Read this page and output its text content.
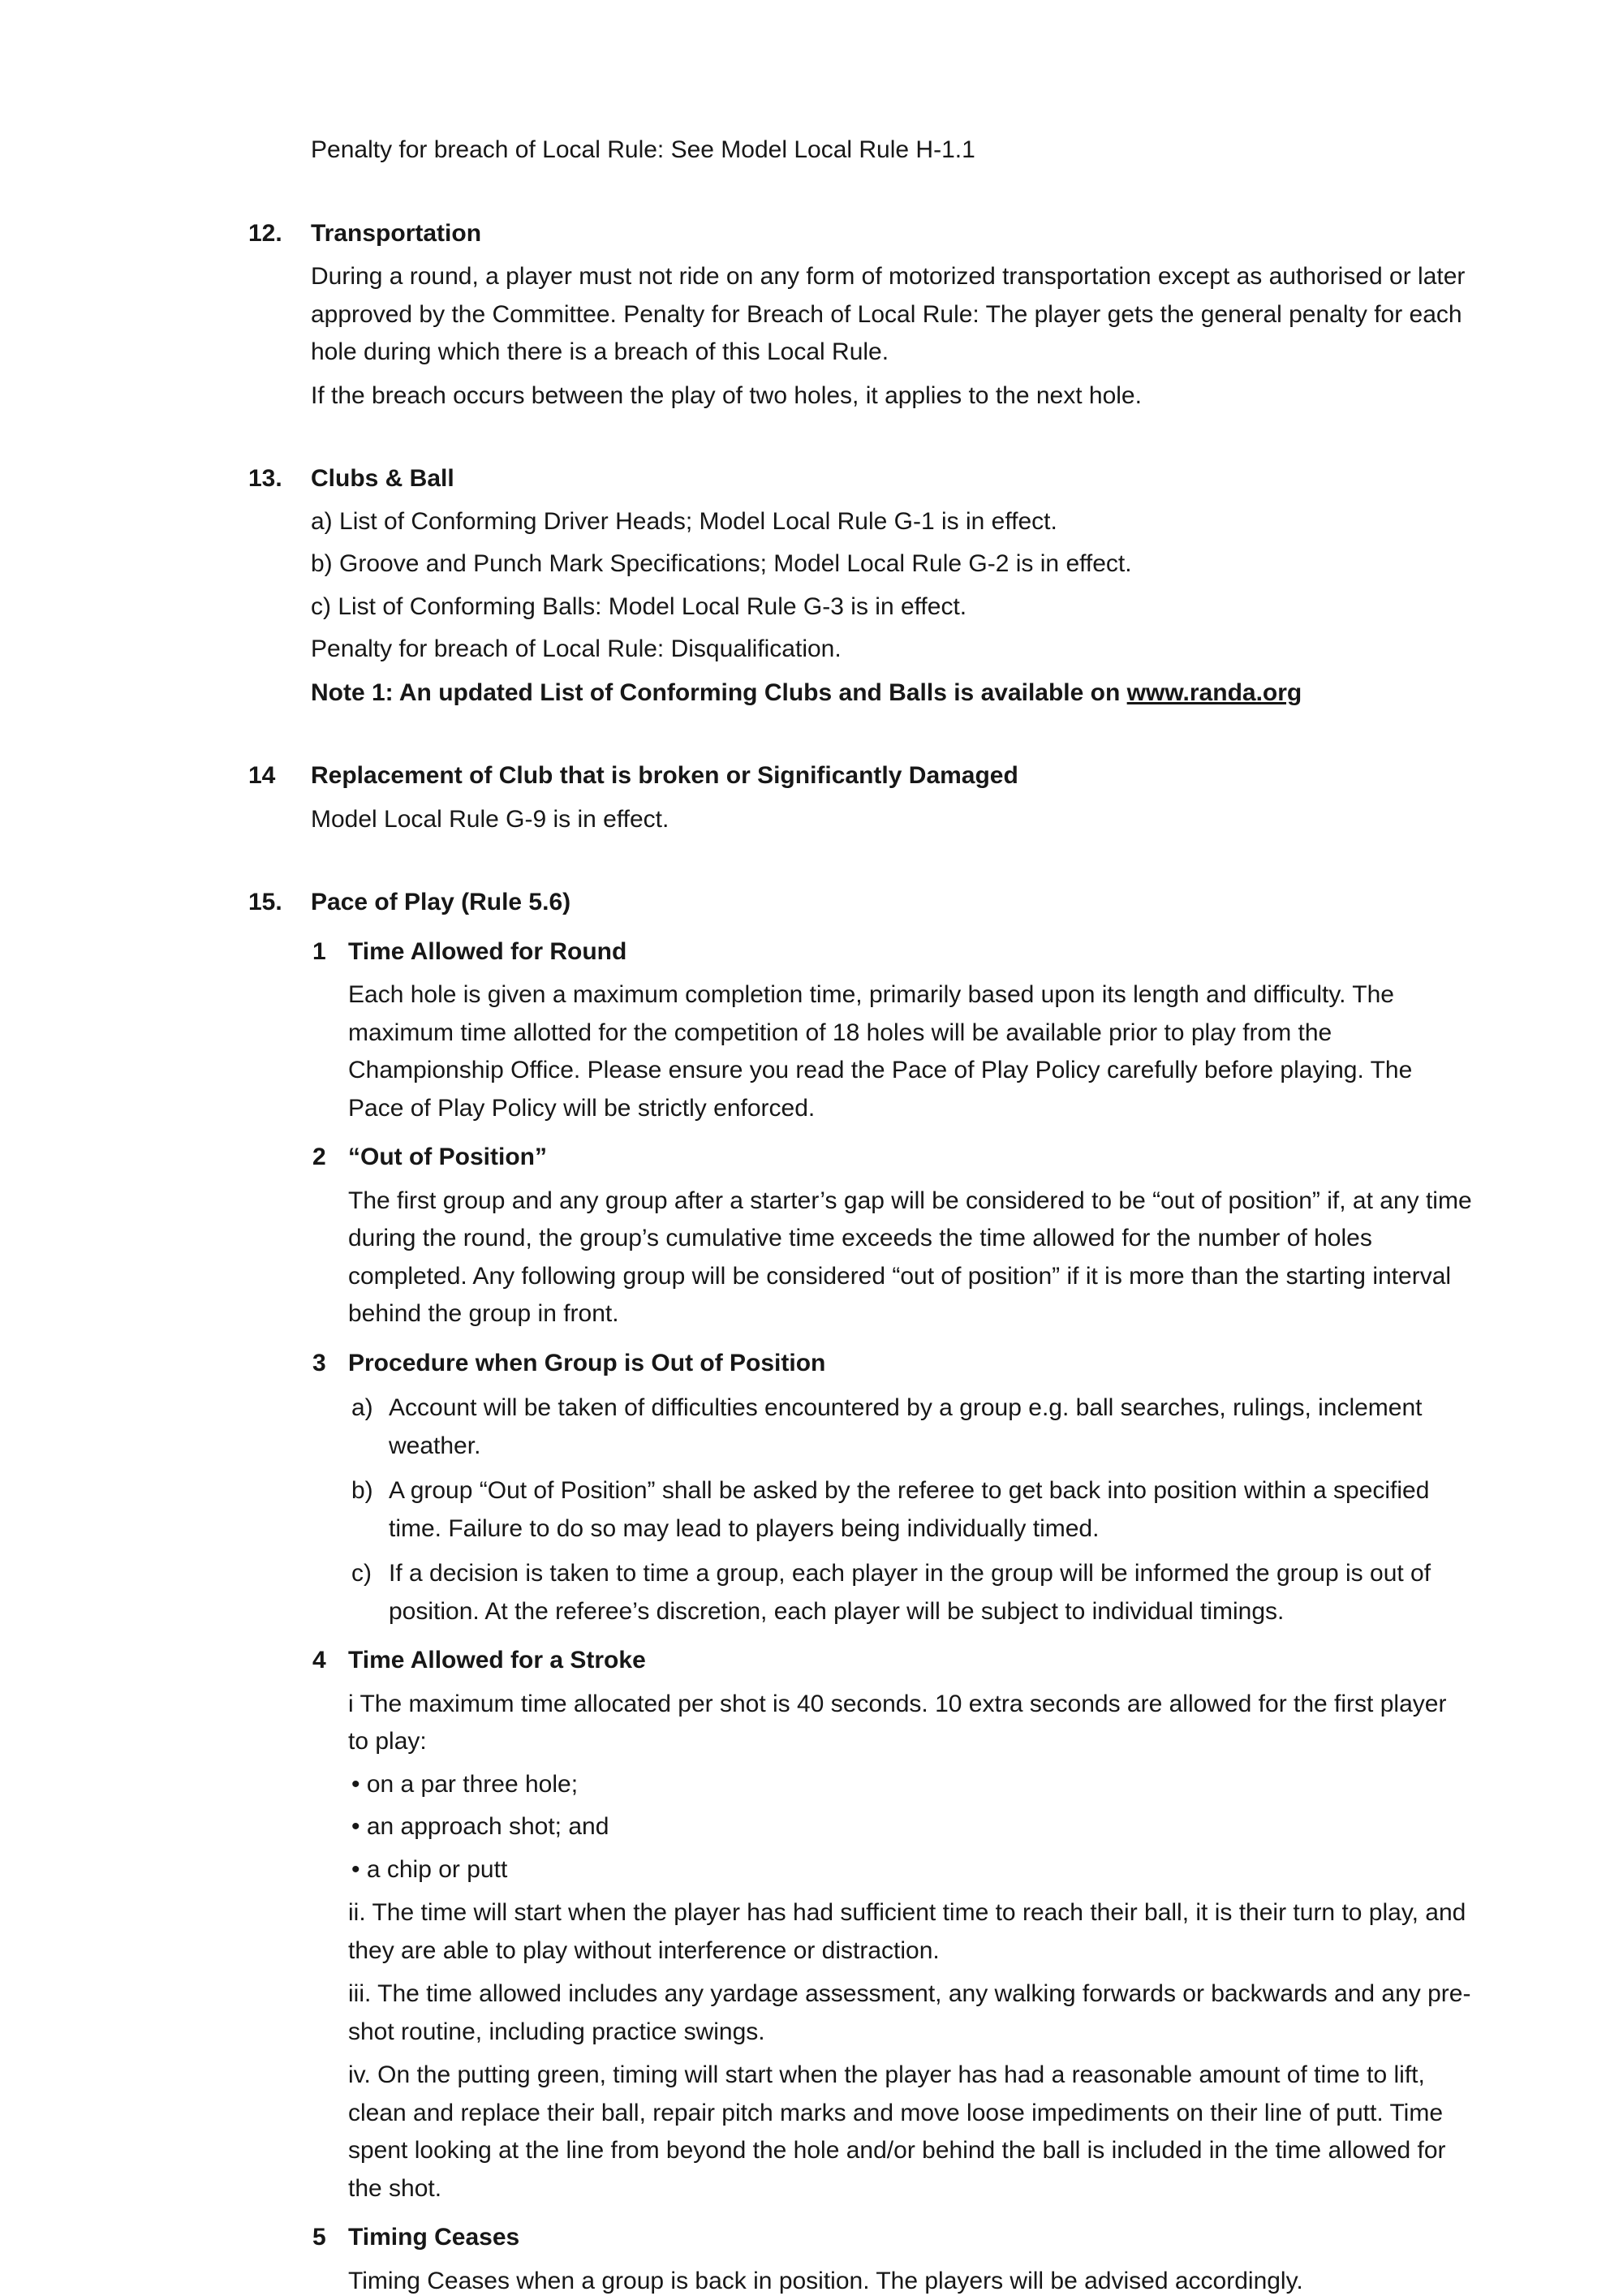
Penalty for breach of Local Rule: See Model Local Rule H-1.1
12. Transportation
During a round, a player must not ride on any form of motorized transportation except as authorised or later approved by the Committee. Penalty for Breach of Local Rule: The player gets the general penalty for each hole during which there is a breach of this Local Rule.
If the breach occurs between the play of two holes, it applies to the next hole.
13. Clubs & Ball
a) List of Conforming Driver Heads; Model Local Rule G-1 is in effect.
b) Groove and Punch Mark Specifications; Model Local Rule G-2 is in effect.
c) List of Conforming Balls: Model Local Rule G-3 is in effect.
Penalty for breach of Local Rule: Disqualification.
Note 1: An updated List of Conforming Clubs and Balls is available on www.randa.org
14 Replacement of Club that is broken or Significantly Damaged
Model Local Rule G-9 is in effect.
15. Pace of Play (Rule 5.6)
1 Time Allowed for Round
Each hole is given a maximum completion time, primarily based upon its length and difficulty. The maximum time allotted for the competition of 18 holes will be available prior to play from the Championship Office. Please ensure you read the Pace of Play Policy carefully before playing. The Pace of Play Policy will be strictly enforced.
2 “Out of Position”
The first group and any group after a starter’s gap will be considered to be “out of position” if, at any time during the round, the group’s cumulative time exceeds the time allowed for the number of holes completed. Any following group will be considered “out of position” if it is more than the starting interval behind the group in front.
3 Procedure when Group is Out of Position
a) Account will be taken of difficulties encountered by a group e.g. ball searches, rulings, inclement weather.
b) A group “Out of Position” shall be asked by the referee to get back into position within a specified time. Failure to do so may lead to players being individually timed.
c) If a decision is taken to time a group, each player in the group will be informed the group is out of position. At the referee’s discretion, each player will be subject to individual timings.
4 Time Allowed for a Stroke
i The maximum time allocated per shot is 40 seconds. 10 extra seconds are allowed for the first player to play:
• on a par three hole;
• an approach shot; and
• a chip or putt
ii. The time will start when the player has had sufficient time to reach their ball, it is their turn to play, and they are able to play without interference or distraction.
iii. The time allowed includes any yardage assessment, any walking forwards or backwards and any pre-shot routine, including practice swings.
iv. On the putting green, timing will start when the player has had a reasonable amount of time to lift, clean and replace their ball, repair pitch marks and move loose impediments on their line of putt. Time spent looking at the line from beyond the hole and/or behind the ball is included in the time allowed for the shot.
5 Timing Ceases
Timing Ceases when a group is back in position. The players will be advised accordingly.
